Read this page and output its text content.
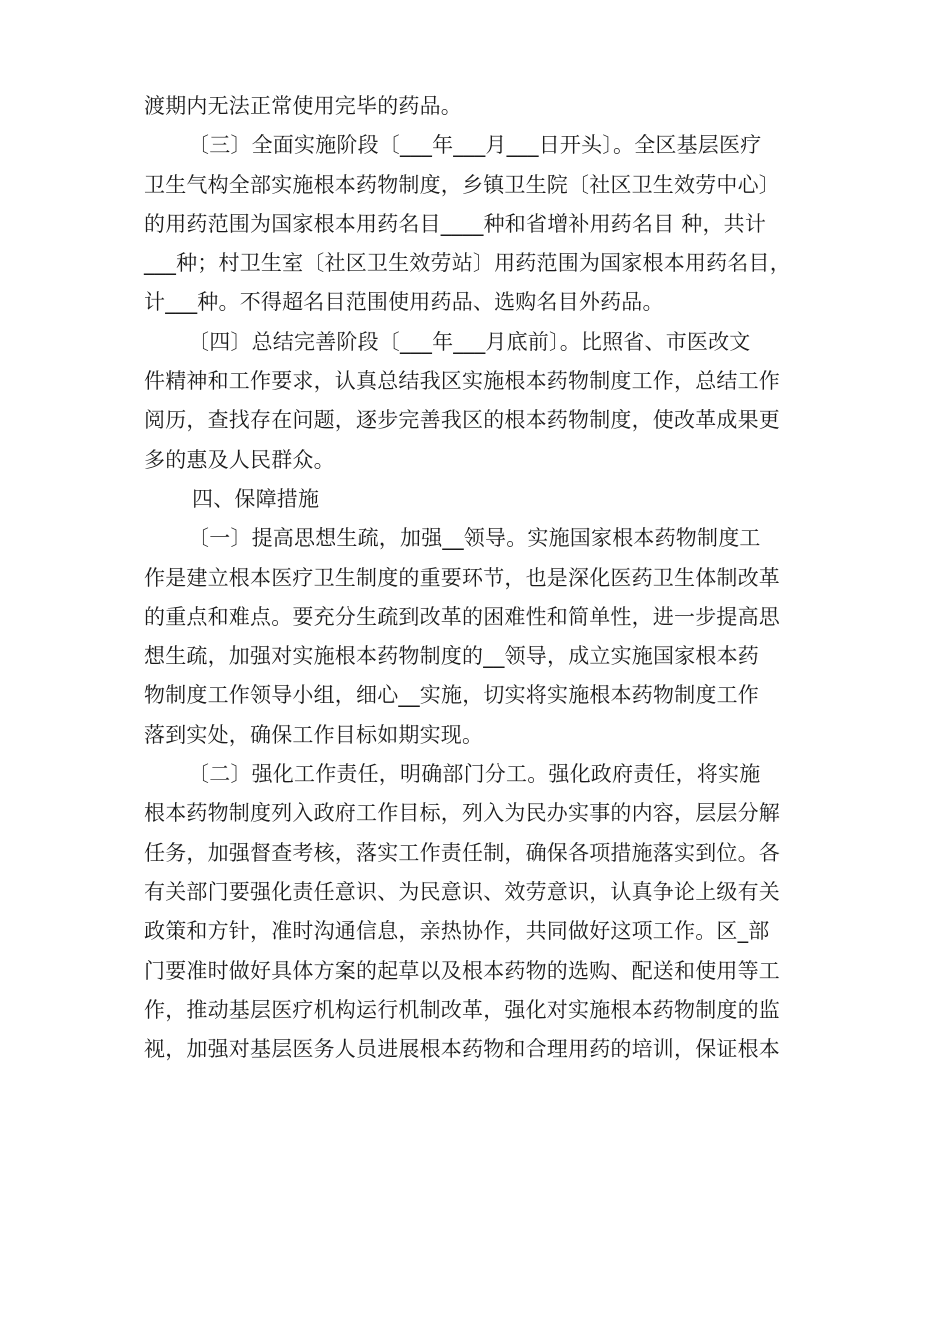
渡期内无法正常使用完毕的药品。
〔三〕全面实施阶段〔___年___月___日开头〕。全区基层医疗
卫生气构全部实施根本药物制度，乡镇卫生院〔社区卫生效劳中心〕
的用药范围为国家根本用药名目____种和省增补用药名目 种，共计
___种；村卫生室〔社区卫生效劳站〕用药范围为国家根本用药名目，
计___种。不得超名目范围使用药品、选购名目外药品。
〔四〕总结完善阶段〔___年___月底前〕。比照省、市医改文
件精神和工作要求，认真总结我区实施根本药物制度工作，总结工作
阅历，查找存在问题，逐步完善我区的根本药物制度，使改革成果更
多的惠及人民群众。
四、保障措施
〔一〕提高思想生疏，加强__领导。实施国家根本药物制度工
作是建立根本医疗卫生制度的重要环节，也是深化医药卫生体制改革
的重点和难点。要充分生疏到改革的困难性和简单性，进一步提高思
想生疏，加强对实施根本药物制度的__领导，成立实施国家根本药
物制度工作领导小组，细心__实施，切实将实施根本药物制度工作
落到实处，确保工作目标如期实现。
〔二〕强化工作责任，明确部门分工。强化政府责任，将实施
根本药物制度列入政府工作目标，列入为民办实事的内容，层层分解
任务，加强督查考核，落实工作责任制，确保各项措施落实到位。各
有关部门要强化责任意识、为民意识、效劳意识，认真争论上级有关
政策和方针，准时沟通信息，亲热协作，共同做好这项工作。区_部
门要准时做好具体方案的起草以及根本药物的选购、配送和使用等工
作，推动基层医疗机构运行机制改革，强化对实施根本药物制度的监
视，加强对基层医务人员进展根本药物和合理用药的培训，保证根本
